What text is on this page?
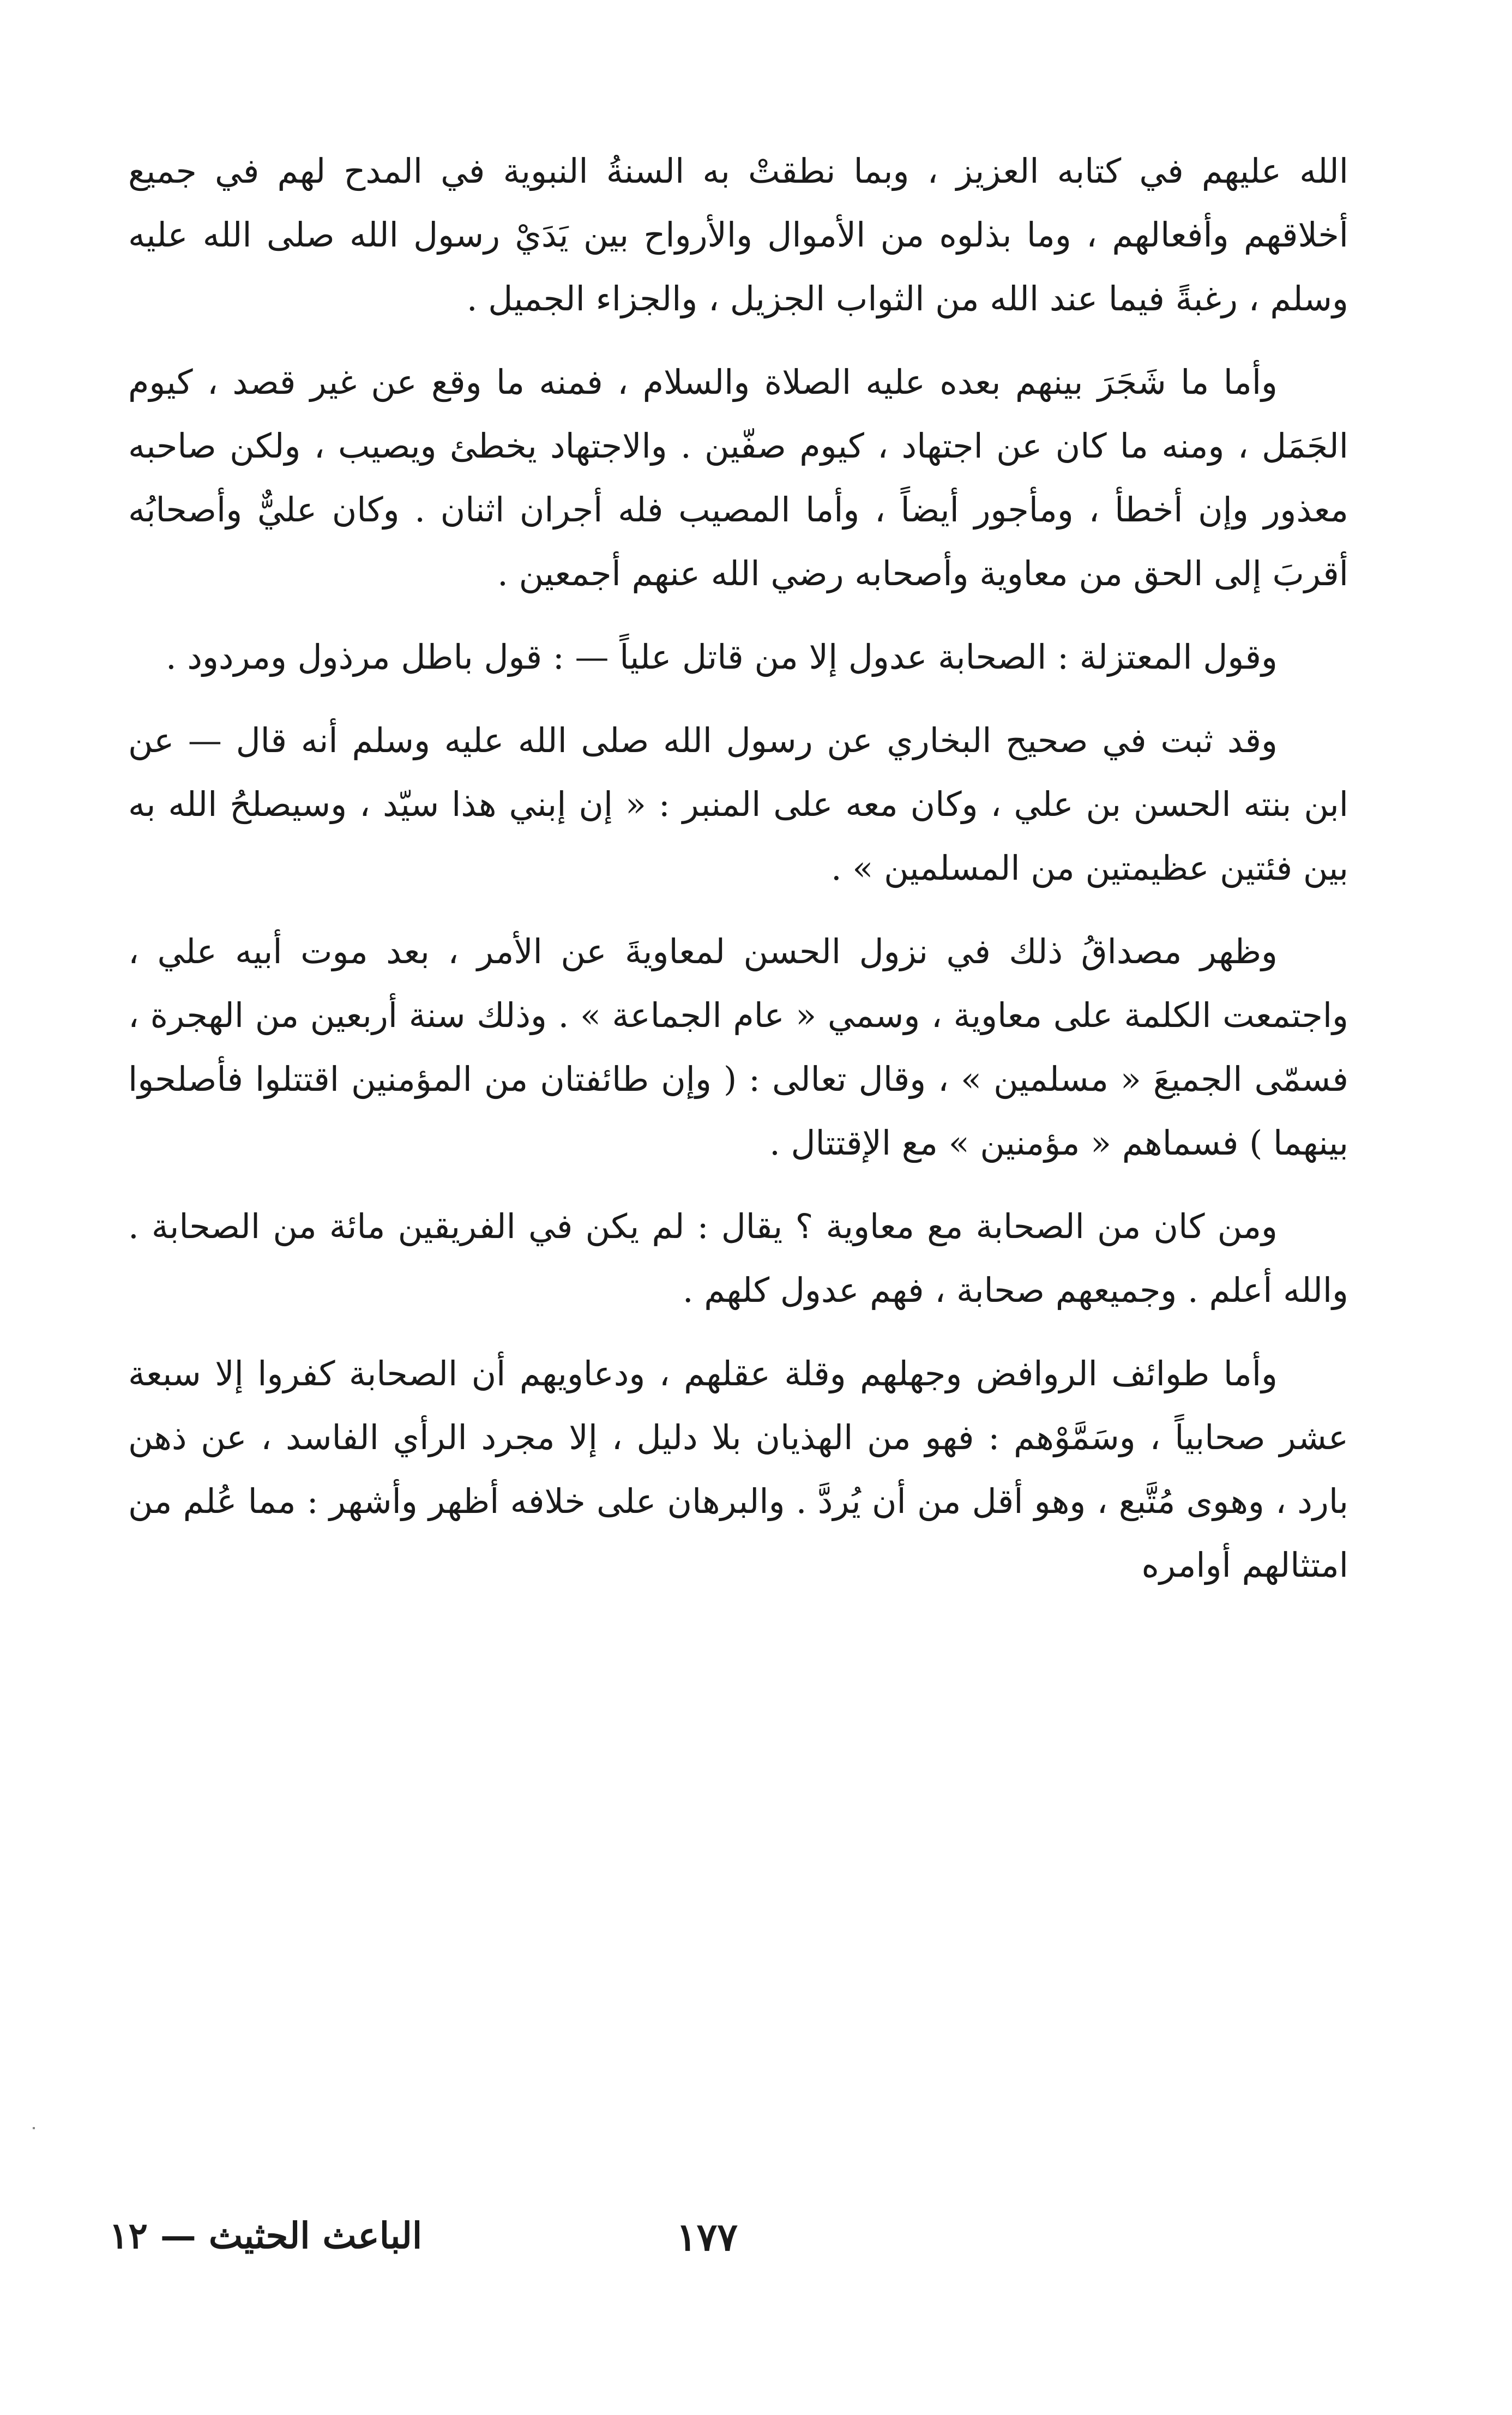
الله عليهم في كتابه العزيز ، وبما نطقتْ به السنةُ النبوية في المدح لهم في جميع أخلاقهم وأفعالهم ، وما بذلوه من الأموال والأرواح بين يَدَيْ رسول الله صلى الله عليه وسلم ، رغبةً فيما عند الله من الثواب الجزيل ، والجزاء الجميل .

وأما ما شَجَرَ بينهم بعده عليه الصلاة والسلام ، فمنه ما وقع عن غير قصد ، كيوم الجَمَل ، ومنه ما كان عن اجتهاد ، كيوم صفّين . والاجتهاد يخطئ ويصيب ، ولكن صاحبه معذور وإن أخطأ ، ومأجور أيضاً ، وأما المصيب فله أجران اثنان . وكان عليٌّ وأصحابُه أقربَ إلى الحق من معاوية وأصحابه رضي الله عنهم أجمعين .

وقول المعتزلة : الصحابة عدول إلا من قاتل علياً — : قول باطل مرذول ومردود .

وقد ثبت في صحيح البخاري عن رسول الله صلى الله عليه وسلم أنه قال — عن ابن بنته الحسن بن علي ، وكان معه على المنبر : « إن إبني هذا سيّد ، وسيصلحُ الله به بين فئتين عظيمتين من المسلمين » .

وظهر مصداقُ ذلك في نزول الحسن لمعاويةَ عن الأمر ، بعد موت أبيه علي ، واجتمعت الكلمة على معاوية ، وسمي « عام الجماعة » . وذلك سنة أربعين من الهجرة ، فسمّى الجميعَ « مسلمين » ، وقال تعالى : ( وإن طائفتان من المؤمنين اقتتلوا فأصلحوا بينهما ) فسماهم « مؤمنين » مع الإقتتال .

ومن كان من الصحابة مع معاوية ؟ يقال : لم يكن في الفريقين مائة من الصحابة . والله أعلم . وجميعهم صحابة ، فهم عدول كلهم .

وأما طوائف الروافض وجهلهم وقلة عقلهم ، ودعاويهم أن الصحابة كفروا إلا سبعة عشر صحابياً ، وسَمَّوْهم : فهو من الهذيان بلا دليل ، إلا مجرد الرأي الفاسد ، عن ذهن بارد ، وهوى مُتَّبع ، وهو أقل من أن يُردَّ . والبرهان على خلافه أظهر وأشهر : مما عُلم من امتثالهم أوامره

١٧٧
الباعث الحثيث — ١٢
